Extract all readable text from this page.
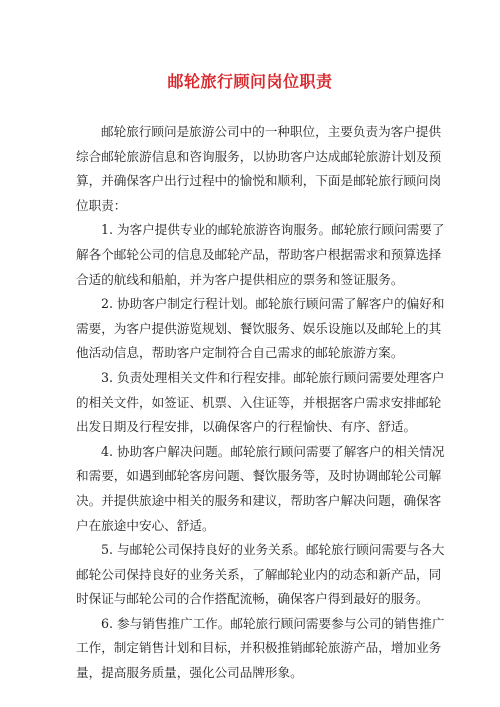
邮轮旅行顾问岗位职责
邮轮旅行顾问是旅游公司中的一种职位，主要负责为客户提供
综合邮轮旅游信息和咨询服务，以协助客户达成邮轮旅游计划及预
算，并确保客户出行过程中的愉悦和顺利，下面是邮轮旅行顾问岗
位职责：
1. 为客户提供专业的邮轮旅游咨询服务。邮轮旅行顾问需要了
解各个邮轮公司的信息及邮轮产品，帮助客户根据需求和预算选择
合适的航线和船舶，并为客户提供相应的票务和签证服务。
2. 协助客户制定行程计划。邮轮旅行顾问需了解客户的偏好和
需要，为客户提供游览规划、餐饮服务、娱乐设施以及邮轮上的其
他活动信息，帮助客户定制符合自己需求的邮轮旅游方案。
3. 负责处理相关文件和行程安排。邮轮旅行顾问需要处理客户
的相关文件，如签证、机票、入住证等，并根据客户需求安排邮轮
出发日期及行程安排，以确保客户的行程愉快、有序、舒适。
4. 协助客户解决问题。邮轮旅行顾问需要了解客户的相关情况
和需要，如遇到邮轮客房问题、餐饮服务等，及时协调邮轮公司解
决。并提供旅途中相关的服务和建议，帮助客户解决问题，确保客
户在旅途中安心、舒适。
5. 与邮轮公司保持良好的业务关系。邮轮旅行顾问需要与各大
邮轮公司保持良好的业务关系，了解邮轮业内的动态和新产品，同
时保证与邮轮公司的合作搭配流畅，确保客户得到最好的服务。
6. 参与销售推广工作。邮轮旅行顾问需要参与公司的销售推广
工作，制定销售计划和目标，并积极推销邮轮旅游产品，增加业务
量，提高服务质量，强化公司品牌形象。
